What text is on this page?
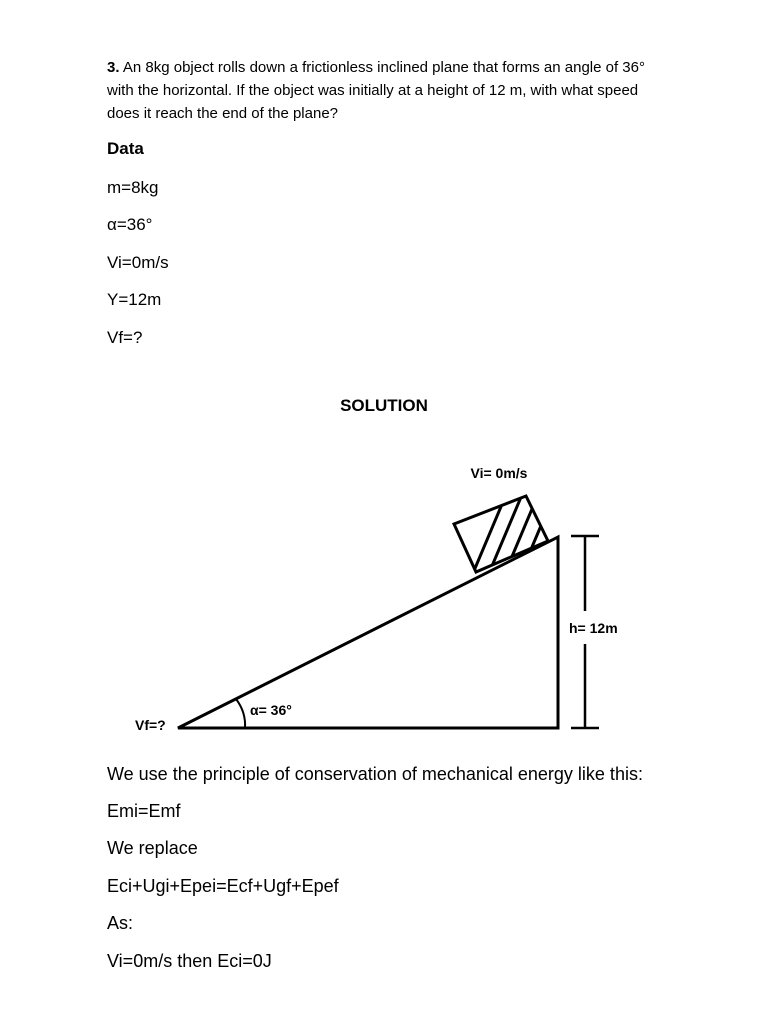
3. An 8kg object rolls down a frictionless inclined plane that forms an angle of 36° with the horizontal. If the object was initially at a height of 12 m, with what speed does it reach the end of the plane?
Data
m=8kg
α=36°
Vi=0m/s
Y=12m
Vf=?
SOLUTION
Vi= 0m/s
h= 12m
α= 36°
Vf=?
We use the principle of conservation of mechanical energy like this:
Emi=Emf
We replace
Eci+Ugi+Epei=Ecf+Ugf+Epef
As:
Vi=0m/s then Eci=0J
